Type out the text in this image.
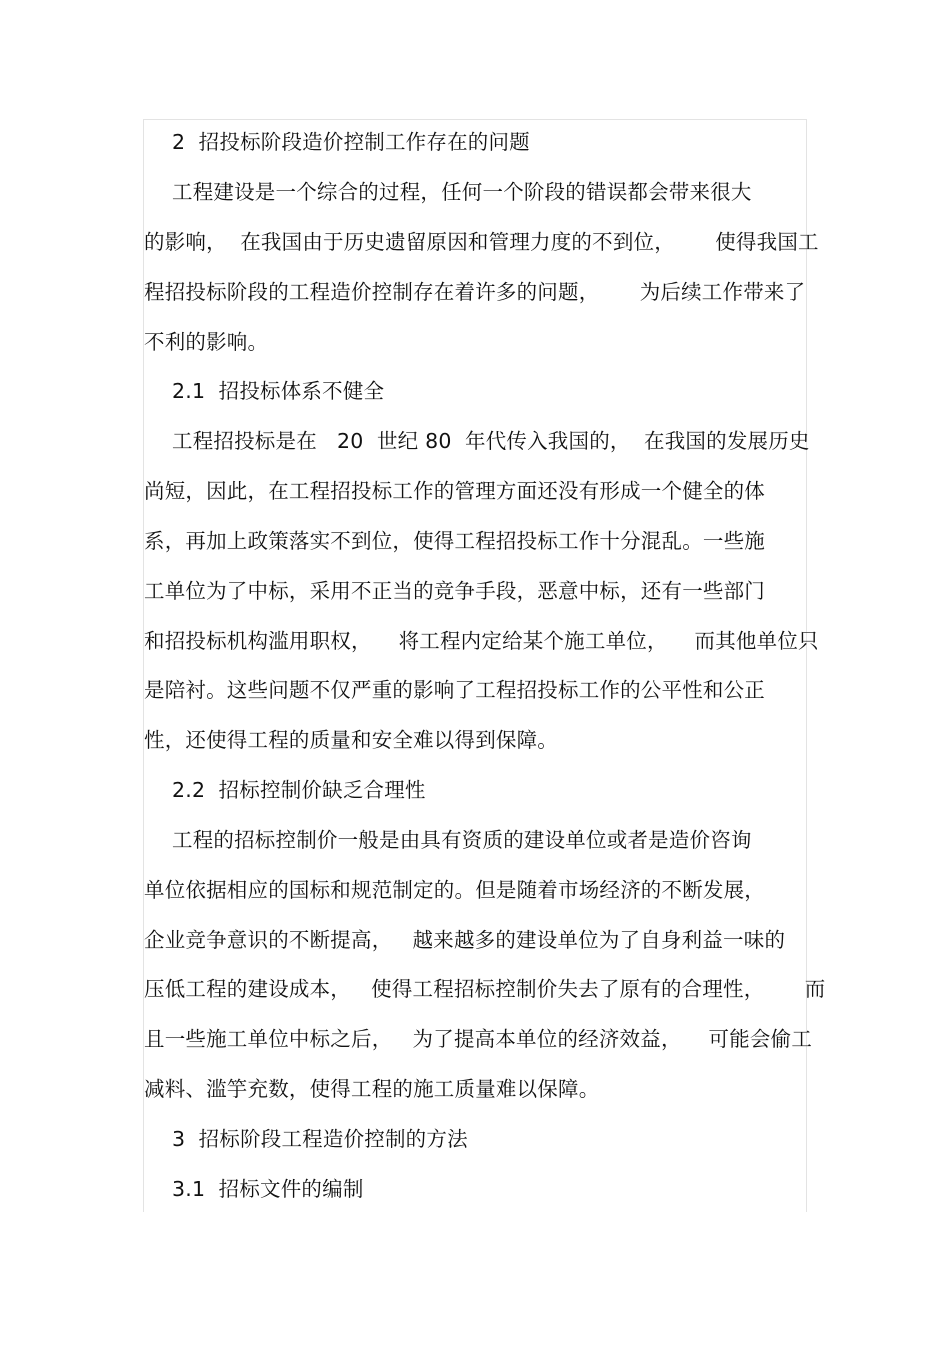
2  招投标阶段造价控制工作存在的问题
工程建设是一个综合的过程，任何一个阶段的错误都会带来很大
的影响，  在我国由于历史遗留原因和管理力度的不到位，      使得我国工
程招投标阶段的工程造价控制存在着许多的问题，      为后续工作带来了
不利的影响。
2.1  招投标体系不健全
工程招投标是在   20  世纪 80  年代传入我国的，  在我国的发展历史
尚短，因此，在工程招投标工作的管理方面还没有形成一个健全的体
系，再加上政策落实不到位，使得工程招投标工作十分混乱。一些施
工单位为了中标，采用不正当的竞争手段，恶意中标，还有一些部门
和招投标机构滥用职权，    将工程内定给某个施工单位，    而其他单位只
是陪衬。这些问题不仅严重的影响了工程招投标工作的公平性和公正
性，还使得工程的质量和安全难以得到保障。
2.2  招标控制价缺乏合理性
工程的招标控制价一般是由具有资质的建设单位或者是造价咨询
单位依据相应的国标和规范制定的。但是随着市场经济的不断发展，
企业竞争意识的不断提高，   越来越多的建设单位为了自身利益一味的
压低工程的建设成本，   使得工程招标控制价失去了原有的合理性，      而
且一些施工单位中标之后，   为了提高本单位的经济效益，    可能会偷工
减料、滥竽充数，使得工程的施工质量难以保障。
3  招标阶段工程造价控制的方法
3.1  招标文件的编制
